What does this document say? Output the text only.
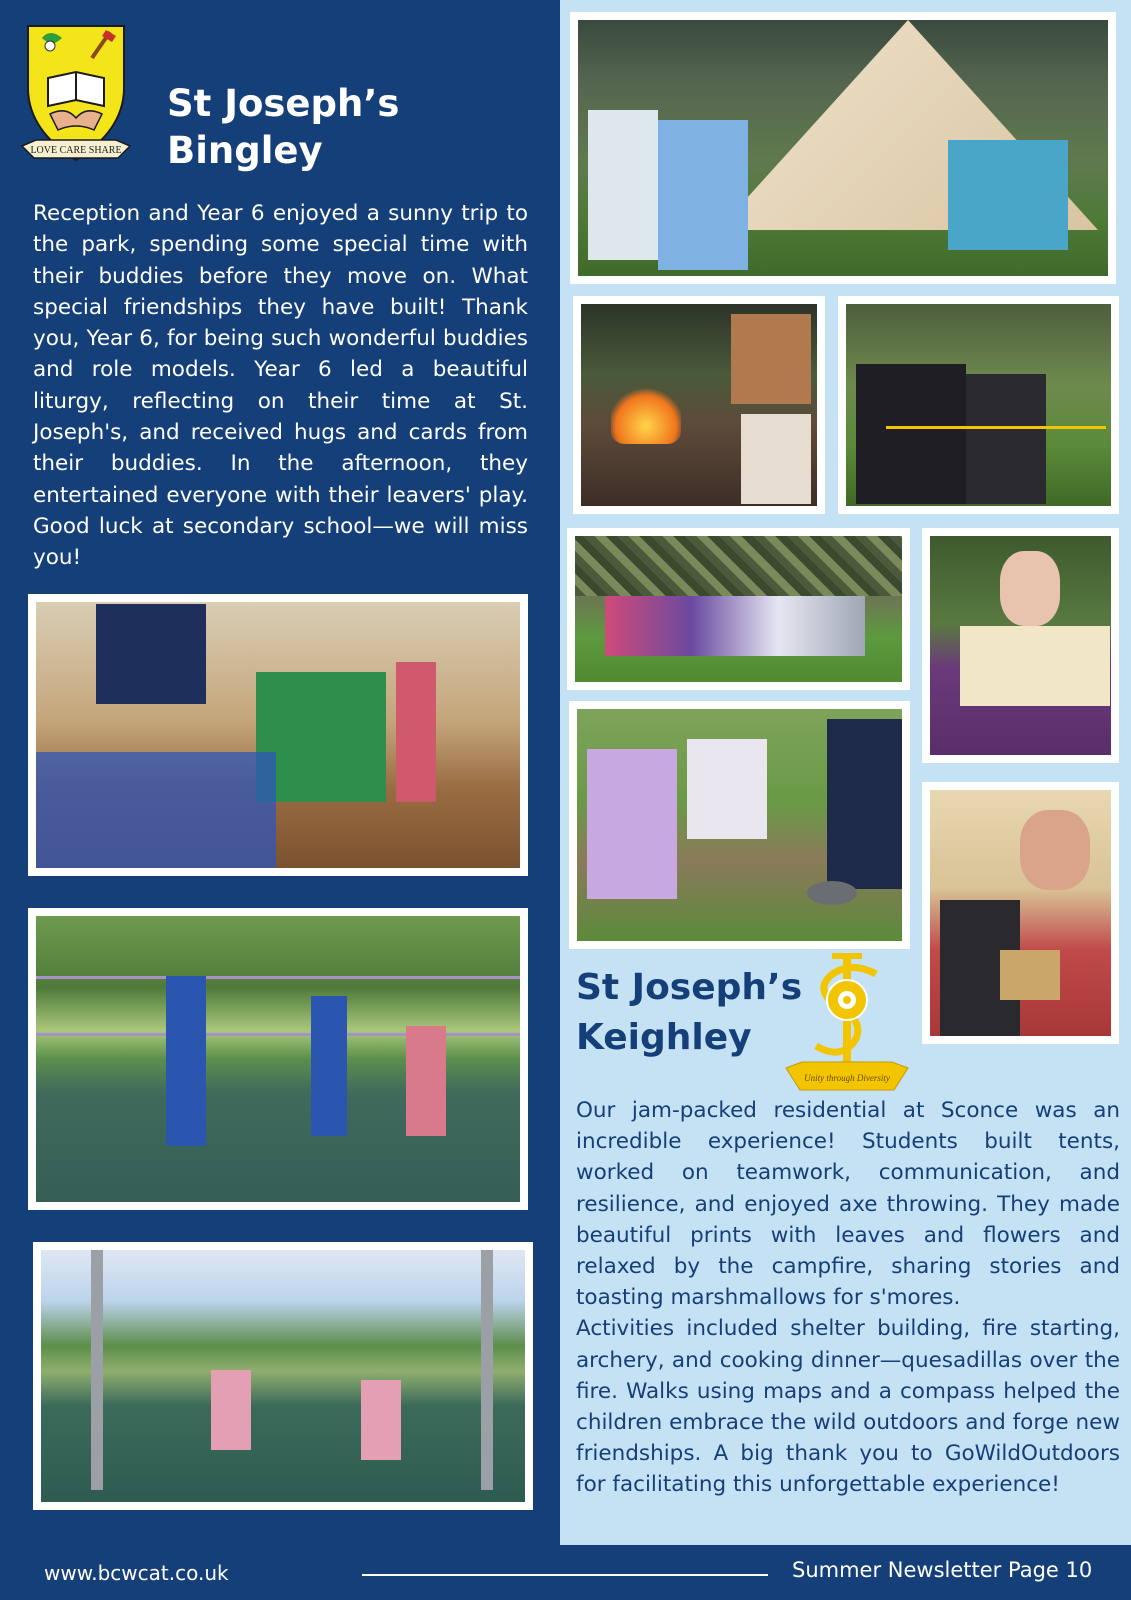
LOVE CARE SHARE
St Joseph’s
Bingley
Reception and Year 6 enjoyed a sunny trip to the park, spending some special time with their buddies before they move on. What special friendships they have built! Thank you, Year 6, for being such wonderful buddies and role models. Year 6 led a beautiful liturgy, reflecting on their time at St. Joseph's, and received hugs and cards from their buddies. In the afternoon, they entertained everyone with their leavers' play. Good luck at secondary school—we will miss you!
St Joseph’s
Keighley
Unity through Diversity

Our jam-packed residential at Sconce was an incredible experience! Students built tents, worked on teamwork, communication, and resilience, and enjoyed axe throwing. They made beautiful prints with leaves and flowers and relaxed by the campfire, sharing stories and toasting marshmallows for s'mores.

Activities included shelter building, fire starting, archery, and cooking dinner—quesadillas over the fire. Walks using maps and a compass helped the children embrace the wild outdoors and forge new friendships. A big thank you to GoWildOutdoors for facilitating this unforgettable experience!

www.bcwcat.co.uk	Summer Newsletter Page 10
